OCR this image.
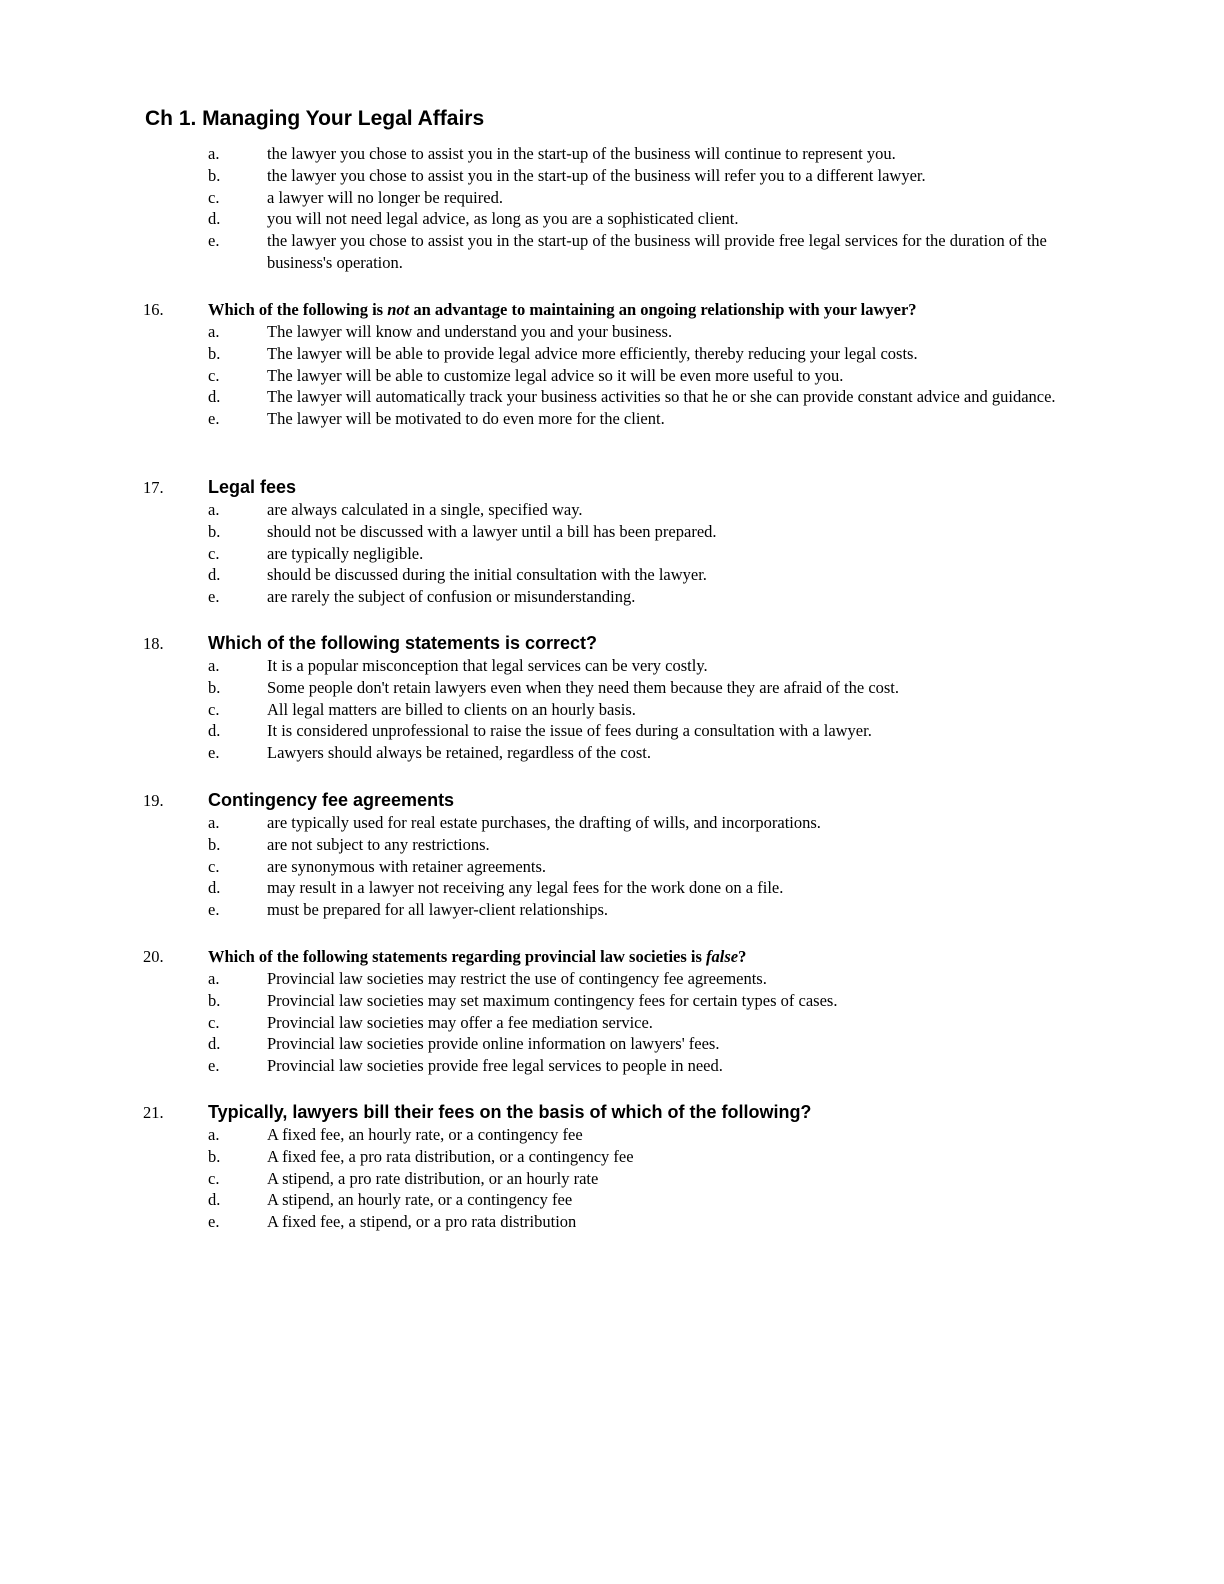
Ch 1. Managing Your Legal Affairs
a.	the lawyer you chose to assist you in the start-up of the business will continue to represent you.
b.	the lawyer you chose to assist you in the start-up of the business will refer you to a different lawyer.
c.	a lawyer will no longer be required.
d.	you will not need legal advice, as long as you are a sophisticated client.
e.	the lawyer you chose to assist you in the start-up of the business will provide free legal services for the duration of the business's operation.
16.	Which of the following is not an advantage to maintaining an ongoing relationship with your lawyer?
a.	The lawyer will know and understand you and your business.
b.	The lawyer will be able to provide legal advice more efficiently, thereby reducing your legal costs.
c.	The lawyer will be able to customize legal advice so it will be even more useful to you.
d.	The lawyer will automatically track your business activities so that he or she can provide constant advice and guidance.
e.	The lawyer will be motivated to do even more for the client.
17. Legal fees
a.	are always calculated in a single, specified way.
b.	should not be discussed with a lawyer until a bill has been prepared.
c.	are typically negligible.
d.	should be discussed during the initial consultation with the lawyer.
e.	are rarely the subject of confusion or misunderstanding.
18. Which of the following statements is correct?
a.	It is a popular misconception that legal services can be very costly.
b.	Some people don't retain lawyers even when they need them because they are afraid of the cost.
c.	All legal matters are billed to clients on an hourly basis.
d.	It is considered unprofessional to raise the issue of fees during a consultation with a lawyer.
e.	Lawyers should always be retained, regardless of the cost.
19. Contingency fee agreements
a.	are typically used for real estate purchases, the drafting of wills, and incorporations.
b.	are not subject to any restrictions.
c.	are synonymous with retainer agreements.
d.	may result in a lawyer not receiving any legal fees for the work done on a file.
e.	must be prepared for all lawyer-client relationships.
20.	Which of the following statements regarding provincial law societies is false?
a.	Provincial law societies may restrict the use of contingency fee agreements.
b.	Provincial law societies may set maximum contingency fees for certain types of cases.
c.	Provincial law societies may offer a fee mediation service.
d.	Provincial law societies provide online information on lawyers' fees.
e.	Provincial law societies provide free legal services to people in need.
21. Typically, lawyers bill their fees on the basis of which of the following?
a.	A fixed fee, an hourly rate, or a contingency fee
b.	A fixed fee, a pro rata distribution, or a contingency fee
c.	A stipend, a pro rate distribution, or an hourly rate
d.	A stipend, an hourly rate, or a contingency fee
e.	A fixed fee, a stipend, or a pro rata distribution
